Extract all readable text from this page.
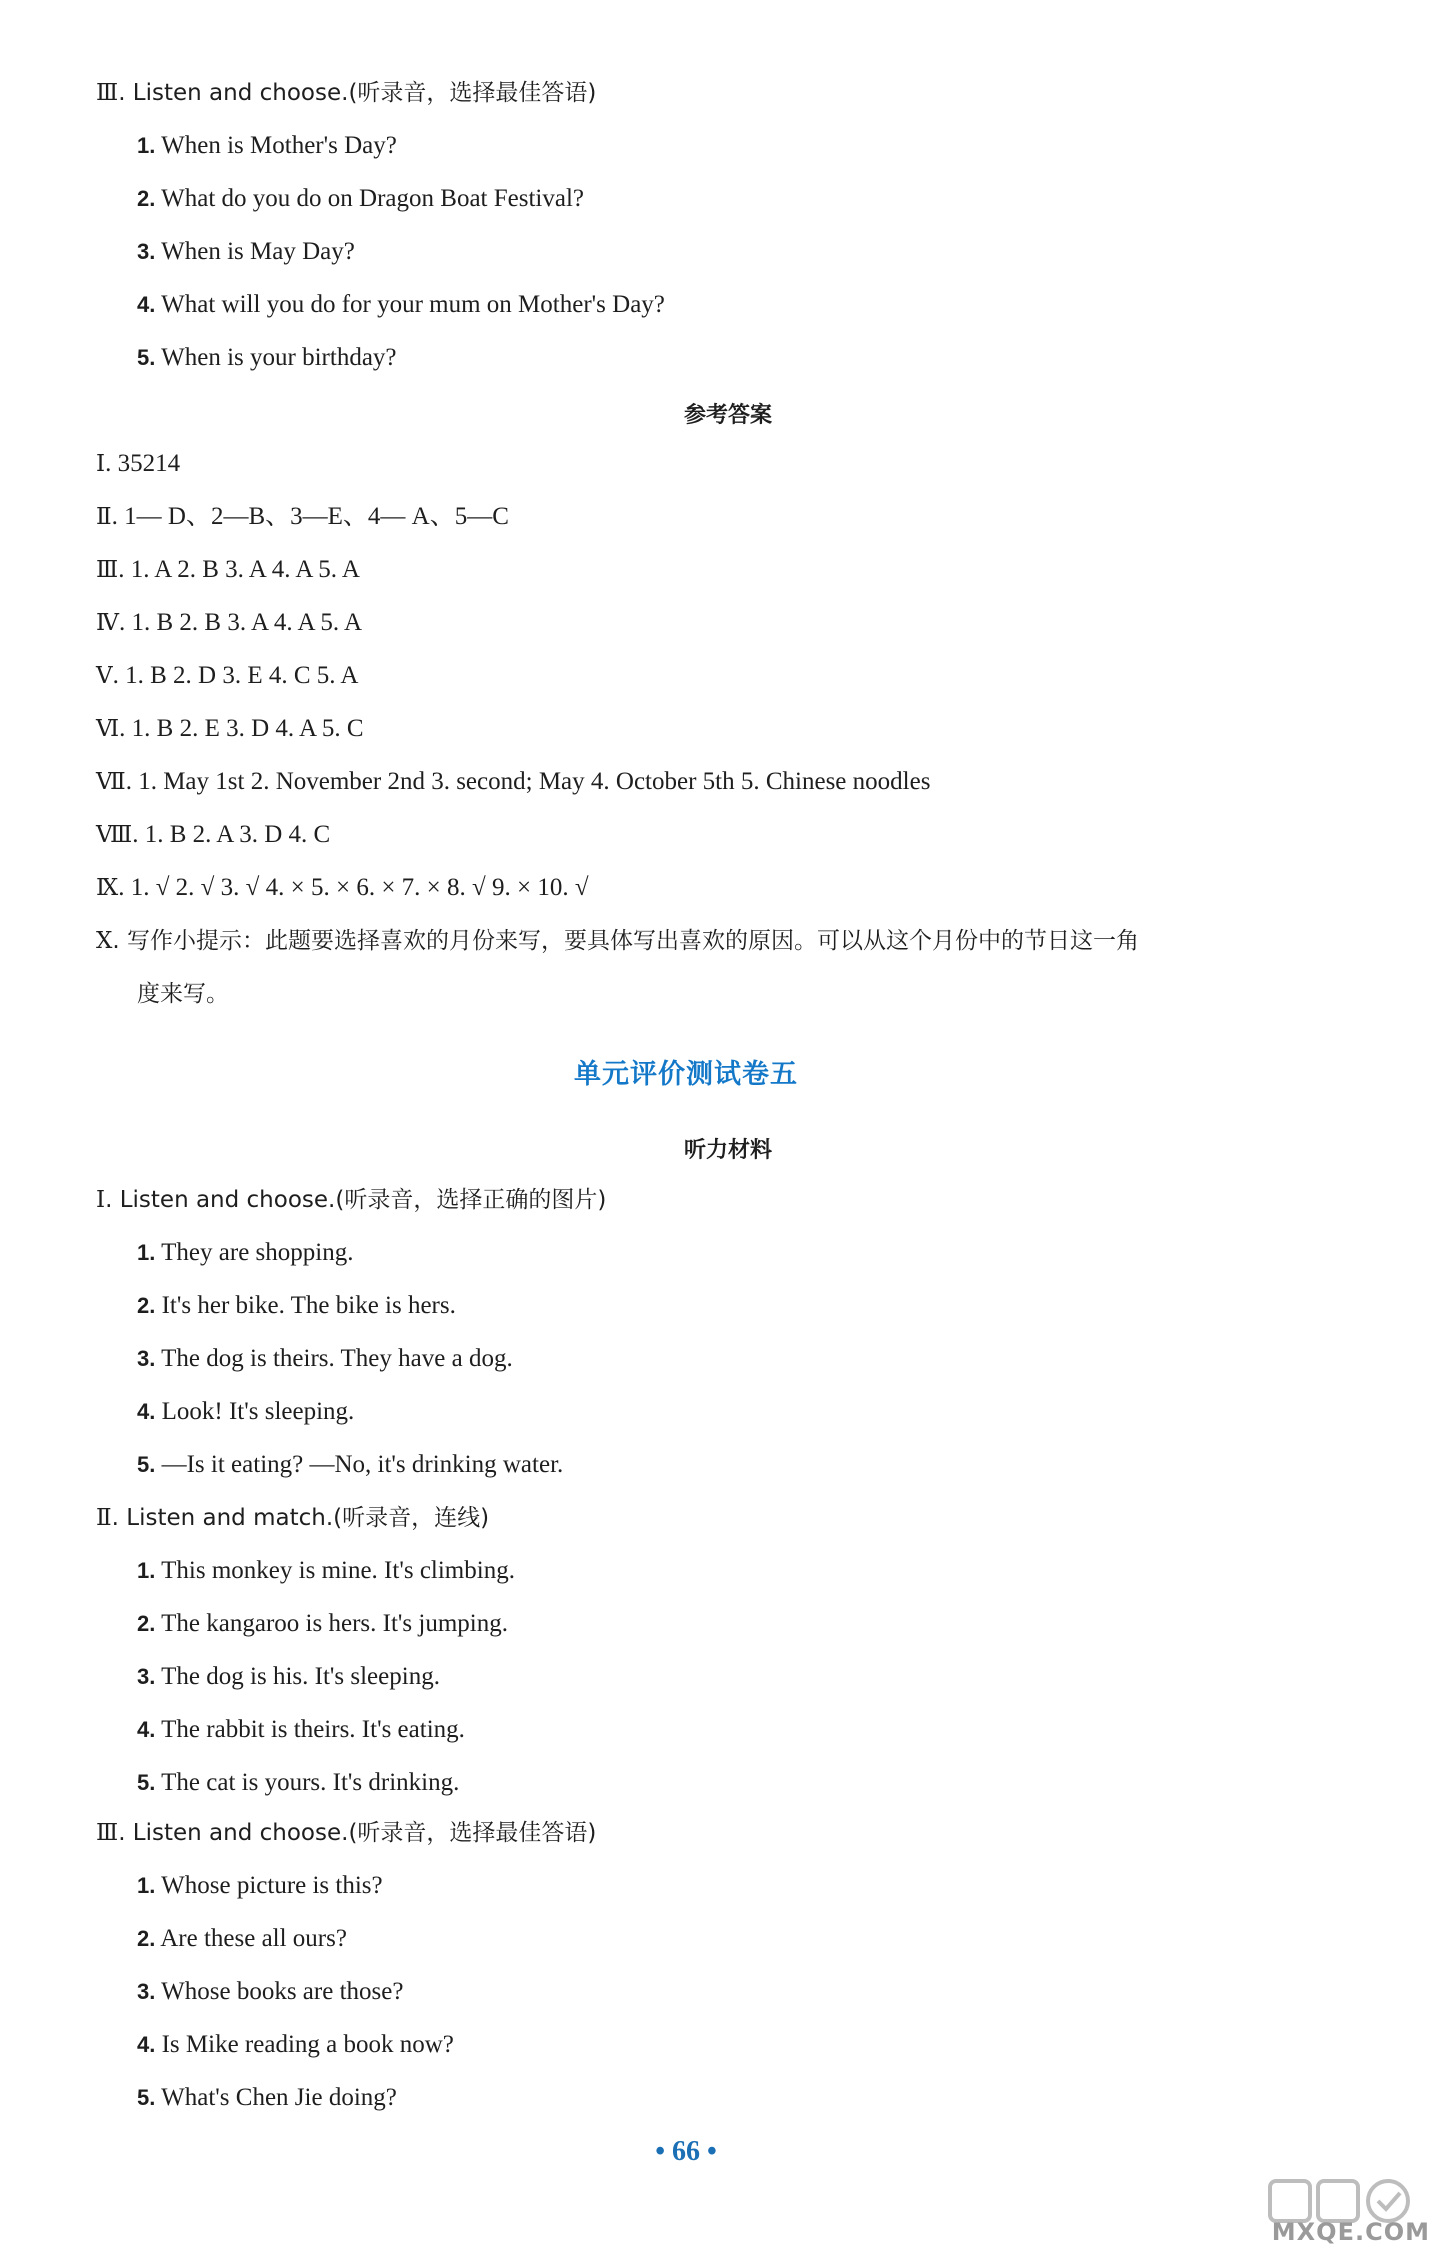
Ⅲ. Listen and choose.(听录音，选择最佳答语)
1. When is Mother's Day?
2. What do you do on Dragon Boat Festival?
3. When is May Day?
4. What will you do for your mum on Mother's Day?
5. When is your birthday?
参考答案
Ⅰ. 35214
Ⅱ. 1— D、2—B、3—E、4— A、5—C
Ⅲ. 1. A 2. B 3. A 4. A 5. A
Ⅳ. 1. B 2. B 3. A 4. A 5. A
Ⅴ. 1. B 2. D 3. E 4. C 5. A
Ⅵ. 1. B 2. E 3. D 4. A 5. C
Ⅶ. 1. May 1st 2. November 2nd 3. second; May 4. October 5th 5. Chinese noodles
Ⅷ. 1. B 2. A 3. D 4. C
Ⅸ. 1. √ 2. √ 3. √ 4. × 5. × 6. × 7. × 8. √ 9. × 10. √
Ⅹ. 写作小提示：此题要选择喜欢的月份来写，要具体写出喜欢的原因。可以从这个月份中的节日这一角
度来写。
单元评价测试卷五
听力材料
Ⅰ. Listen and choose.(听录音，选择正确的图片)
1. They are shopping.
2. It's her bike. The bike is hers.
3. The dog is theirs. They have a dog.
4. Look! It's sleeping.
5. —Is it eating? —No, it's drinking water.
Ⅱ. Listen and match.(听录音，连线)
1. This monkey is mine. It's climbing.
2. The kangaroo is hers. It's jumping.
3. The dog is his. It's sleeping.
4. The rabbit is theirs. It's eating.
5. The cat is yours. It's drinking.
Ⅲ. Listen and choose.(听录音，选择最佳答语)
1. Whose picture is this?
2. Are these all ours?
3. Whose books are those?
4. Is Mike reading a book now?
5. What's Chen Jie doing?
• 66 •
MXQE.COM
